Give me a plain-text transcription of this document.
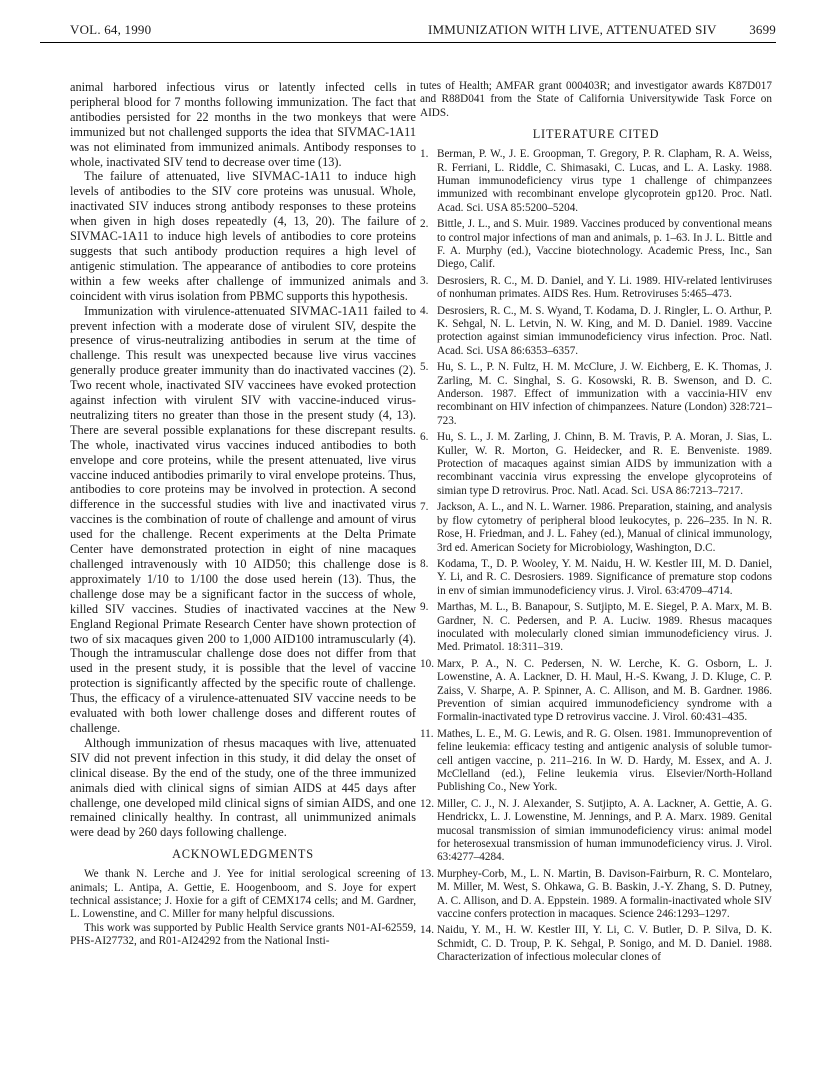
VOL. 64, 1990	IMMUNIZATION WITH LIVE, ATTENUATED SIV	3699

animal harbored infectious virus or latently infected cells in peripheral blood for 7 months following immunization. The fact that antibodies persisted for 22 months in the two monkeys that were immunized but not challenged supports the idea that SIVMAC-1A11 was not eliminated from immunized animals. Antibody responses to whole, inactivated SIV tend to decrease over time (13).

The failure of attenuated, live SIVMAC-1A11 to induce high levels of antibodies to the SIV core proteins was unusual. Whole, inactivated SIV induces strong antibody responses to these proteins when given in high doses repeatedly (4, 13, 20). The failure of SIVMAC-1A11 to induce high levels of antibodies to core proteins suggests that such antibody production requires a high level of antigenic stimulation. The appearance of antibodies to core proteins within a few weeks after challenge of immunized animals and coincident with virus isolation from PBMC supports this hypothesis.

Immunization with virulence-attenuated SIVMAC-1A11 failed to prevent infection with a moderate dose of virulent SIV, despite the presence of virus-neutralizing antibodies in serum at the time of challenge. This result was unexpected because live virus vaccines generally produce greater immunity than do inactivated vaccines (2). Two recent whole, inactivated SIV vaccinees have evoked protection against infection with virulent SIV with vaccine-induced virus-neutralizing titers no greater than those in the present study (4, 13). There are several possible explanations for these discrepant results. The whole, inactivated virus vaccines induced antibodies to both envelope and core proteins, while the present attenuated, live virus vaccine induced antibodies primarily to viral envelope proteins. Thus, antibodies to core proteins may be involved in protection. A second difference in the successful studies with live and inactivated virus vaccines is the combination of route of challenge and amount of virus used for the challenge. Recent experiments at the Delta Primate Center have demonstrated protection in eight of nine macaques challenged intravenously with 10 AID50; this challenge dose is approximately 1/10 to 1/100 the dose used herein (13). Thus, the challenge dose may be a significant factor in the success of whole, killed SIV vaccines. Studies of inactivated vaccines at the New England Regional Primate Research Center have shown protection of two of six macaques given 200 to 1,000 AID100 intramuscularly (4). Though the intramuscular challenge dose does not differ from that used in the present study, it is possible that the level of vaccine protection is significantly affected by the specific route of challenge. Thus, the efficacy of a virulence-attenuated SIV vaccine needs to be evaluated with both lower challenge doses and different routes of challenge.

Although immunization of rhesus macaques with live, attenuated SIV did not prevent infection in this study, it did delay the onset of clinical disease. By the end of the study, one of the three immunized animals died with clinical signs of simian AIDS at 445 days after challenge, one developed mild clinical signs of simian AIDS, and one remained clinically healthy. In contrast, all unimmunized animals were dead by 260 days following challenge.

ACKNOWLEDGMENTS

We thank N. Lerche and J. Yee for initial serological screening of animals; L. Antipa, A. Gettie, E. Hoogenboom, and S. Joye for expert technical assistance; J. Hoxie for a gift of CEMX174 cells; and M. Gardner, L. Lowenstine, and C. Miller for many helpful discussions.

This work was supported by Public Health Service grants N01-AI-62559, PHS-AI27732, and R01-AI24292 from the National Insti-

tutes of Health; AMFAR grant 000403R; and investigator awards K87D017 and R88D041 from the State of California Universitywide Task Force on AIDS.

LITERATURE CITED
1. Berman, P. W., J. E. Groopman, T. Gregory, P. R. Clapham, R. A. Weiss, R. Ferriani, L. Riddle, C. Shimasaki, C. Lucas, and L. A. Lasky. 1988. Human immunodeficiency virus type 1 challenge of chimpanzees immunized with recombinant envelope glycoprotein gp120. Proc. Natl. Acad. Sci. USA 85:5200–5204.
2. Bittle, J. L., and S. Muir. 1989. Vaccines produced by conventional means to control major infections of man and animals, p. 1–63. In J. L. Bittle and F. A. Murphy (ed.), Vaccine biotechnology. Academic Press, Inc., San Diego, Calif.
3. Desrosiers, R. C., M. D. Daniel, and Y. Li. 1989. HIV-related lentiviruses of nonhuman primates. AIDS Res. Hum. Retroviruses 5:465–473.
4. Desrosiers, R. C., M. S. Wyand, T. Kodama, D. J. Ringler, L. O. Arthur, P. K. Sehgal, N. L. Letvin, N. W. King, and M. D. Daniel. 1989. Vaccine protection against simian immunodeficiency virus infection. Proc. Natl. Acad. Sci. USA 86:6353–6357.
5. Hu, S. L., P. N. Fultz, H. M. McClure, J. W. Eichberg, E. K. Thomas, J. Zarling, M. C. Singhal, S. G. Kosowski, R. B. Swenson, and D. C. Anderson. 1987. Effect of immunization with a vaccinia-HIV env recombinant on HIV infection of chimpanzees. Nature (London) 328:721–723.
6. Hu, S. L., J. M. Zarling, J. Chinn, B. M. Travis, P. A. Moran, J. Sias, L. Kuller, W. R. Morton, G. Heidecker, and R. E. Benveniste. 1989. Protection of macaques against simian AIDS by immunization with a recombinant vaccinia virus expressing the envelope glycoproteins of simian type D retrovirus. Proc. Natl. Acad. Sci. USA 86:7213–7217.
7. Jackson, A. L., and N. L. Warner. 1986. Preparation, staining, and analysis by flow cytometry of peripheral blood leukocytes, p. 226–235. In N. R. Rose, H. Friedman, and J. L. Fahey (ed.), Manual of clinical immunology, 3rd ed. American Society for Microbiology, Washington, D.C.
8. Kodama, T., D. P. Wooley, Y. M. Naidu, H. W. Kestler III, M. D. Daniel, Y. Li, and R. C. Desrosiers. 1989. Significance of premature stop codons in env of simian immunodeficiency virus. J. Virol. 63:4709–4714.
9. Marthas, M. L., B. Banapour, S. Sutjipto, M. E. Siegel, P. A. Marx, M. B. Gardner, N. C. Pedersen, and P. A. Luciw. 1989. Rhesus macaques inoculated with molecularly cloned simian immunodeficiency virus. J. Med. Primatol. 18:311–319.
10. Marx, P. A., N. C. Pedersen, N. W. Lerche, K. G. Osborn, L. J. Lowenstine, A. A. Lackner, D. H. Maul, H.-S. Kwang, J. D. Kluge, C. P. Zaiss, V. Sharpe, A. P. Spinner, A. C. Allison, and M. B. Gardner. 1986. Prevention of simian acquired immunodeficiency syndrome with a Formalin-inactivated type D retrovirus vaccine. J. Virol. 60:431–435.
11. Mathes, L. E., M. G. Lewis, and R. G. Olsen. 1981. Immunoprevention of feline leukemia: efficacy testing and antigenic analysis of soluble tumor-cell antigen vaccine, p. 211–216. In W. D. Hardy, M. Essex, and A. J. McClelland (ed.), Feline leukemia virus. Elsevier/North-Holland Publishing Co., New York.
12. Miller, C. J., N. J. Alexander, S. Sutjipto, A. A. Lackner, A. Gettie, A. G. Hendrickx, L. J. Lowenstine, M. Jennings, and P. A. Marx. 1989. Genital mucosal transmission of simian immunodeficiency virus: animal model for heterosexual transmission of human immunodeficiency virus. J. Virol. 63:4277–4284.
13. Murphey-Corb, M., L. N. Martin, B. Davison-Fairburn, R. C. Montelaro, M. Miller, M. West, S. Ohkawa, G. B. Baskin, J.-Y. Zhang, S. D. Putney, A. C. Allison, and D. A. Eppstein. 1989. A formalin-inactivated whole SIV vaccine confers protection in macaques. Science 246:1293–1297.
14. Naidu, Y. M., H. W. Kestler III, Y. Li, C. V. Butler, D. P. Silva, D. K. Schmidt, C. D. Troup, P. K. Sehgal, P. Sonigo, and M. D. Daniel. 1988. Characterization of infectious molecular clones of
